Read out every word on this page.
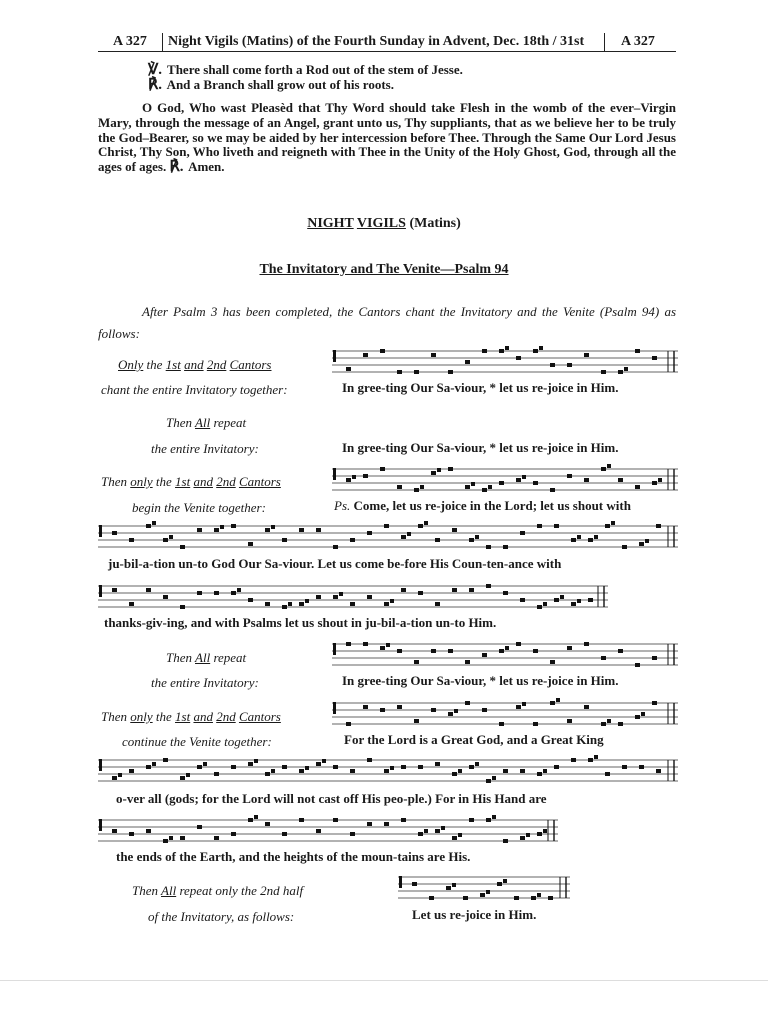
A 327 Night Vigils (Matins) of the Fourth Sunday in Advent, Dec. 18th / 31st	A 327
℣. There shall come forth a Rod out of the stem of Jesse.
℟. And a Branch shall grow out of his roots.
O God, Who wast Pleasèd that Thy Word should take Flesh in the womb of the ever–Virgin Mary, through the message of an Angel, grant unto us, Thy suppliants, that as we believe her to be truly the God–Bearer, so we may be aided by her intercession before Thee. Through the Same Our Lord Jesus Christ, Thy Son, Who liveth and reigneth with Thee in the Unity of the Holy Ghost, God, through all the ages of ages. ℟. Amen.
NIGHT VIGILS (Matins)
The Invitatory and The Venite—Psalm 94
After Psalm 3 has been completed, the Cantors chant the Invitatory and the Venite (Psalm 94) as follows:
Only the 1st and 2nd Cantors
chant the entire Invitatory together:
Then All repeat
the entire Invitatory:
Then only the 1st and 2nd Cantors
begin the Venite together:
Then All repeat
the entire Invitatory:
Then only the 1st and 2nd Cantors
continue the Venite together:
Then All repeat only the 2nd half
of the Invitatory, as follows:
In gree-ting Our Sa-viour, * let us re-joice in Him.
In gree-ting Our Sa-viour, * let us re-joice in Him.
Ps. Come, let us re-joice in the Lord; let us shout with
ju-bil-a-tion un-to God Our Sa-viour. Let us come be-fore His Coun-ten-ance with
thanks-giv-ing, and with Psalms let us shout in ju-bil-a-tion un-to Him.
In gree-ting Our Sa-viour, * let us re-joice in Him.
For the Lord is a Great God, and a Great King
o-ver all (gods; for the Lord will not cast off His peo-ple.) For in His Hand are
the ends of the Earth, and the heights of the moun-tains are His.
Let us re-joice in Him.
